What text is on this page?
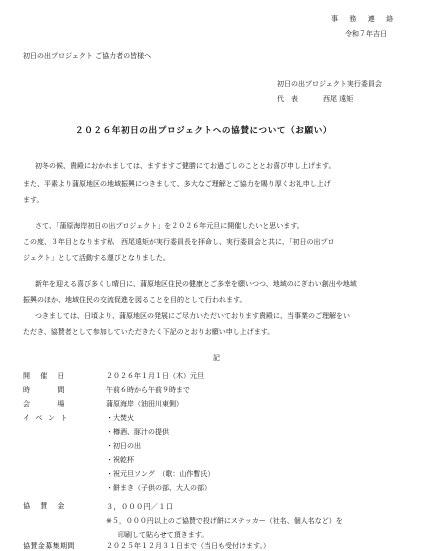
事　務　連　絡
令和７年吉日
初日の出プロジェクト ご協力者の皆様へ
初日の出プロジェクト実行委員会
代　表	西尾 遠矩
２０２６年初日の出プロジェクトへの協賛について（お願い）
初冬の候、貴殿におかれましては、ますますご健勝にてお過ごしのこととお喜び申し上げます。
また、平素より蒲原地区の地域振興につきまして、多大なご理解とご協力を賜り厚くお礼申し上げ
ます。
さて、「蒲原海岸初日の出プロジェクト」を２０２６年元旦に開催したいと思います。
この度、３年目となります私　西尾遠矩が実行委員長を拝命し、実行委員会と共に、「初日の出プロ
ジェクト」として活動する運びとなりました。
新年を迎える喜び多くし晴日に、蒲原地区住民の健康とご多幸を願いつつ、地域のにぎわい創出や地域
振興のほか、地域住民の交流促進を図ることを目的として行われます。
つきましては、日頃より、蒲原地区の発展にご尽力いただいております貴殿に、当事業のご理解をい
ただき、協賛者として参加していただきたく下記のとおりお願い申し上げます。
記
開　催　日	２０２６年１月１日（木）元旦
時　　　間	午前６時から午前９時まで
会　　　場	蒲原海岸（油田川東側）
イ ベ ン ト	・大焚火
・樽酒、豚汁の提供
・初日の出
・祝乾杯
・祝元旦ソング　（歌：山作暫氏）
・餅まき（子供の部、大人の部）
協　賛　金	３，０００円／１口
※５，０００円以上のご協賛で投げ餅にステッカー（社名、個人名など）を
印刷して貼らせて頂きます。
協賛金募集期間	２０２５年１２月３１日まで（当日も受付けます。）
